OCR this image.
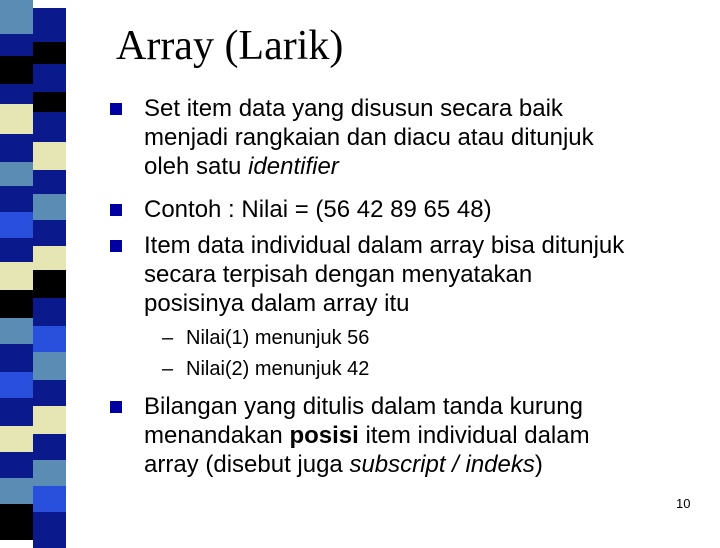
Array (Larik)
Set item data yang disusun secara baik
menjadi rangkaian dan diacu atau ditunjuk
oleh satu identifier
Contoh : Nilai = (56 42 89 65 48)
Item data individual dalam array bisa ditunjuk
secara terpisah dengan menyatakan
posisinya dalam array itu
– Nilai(1) menunjuk 56
– Nilai(2) menunjuk 42
Bilangan yang ditulis dalam tanda kurung
menandakan posisi item individual dalam
array (disebut juga subscript / indeks)
10
